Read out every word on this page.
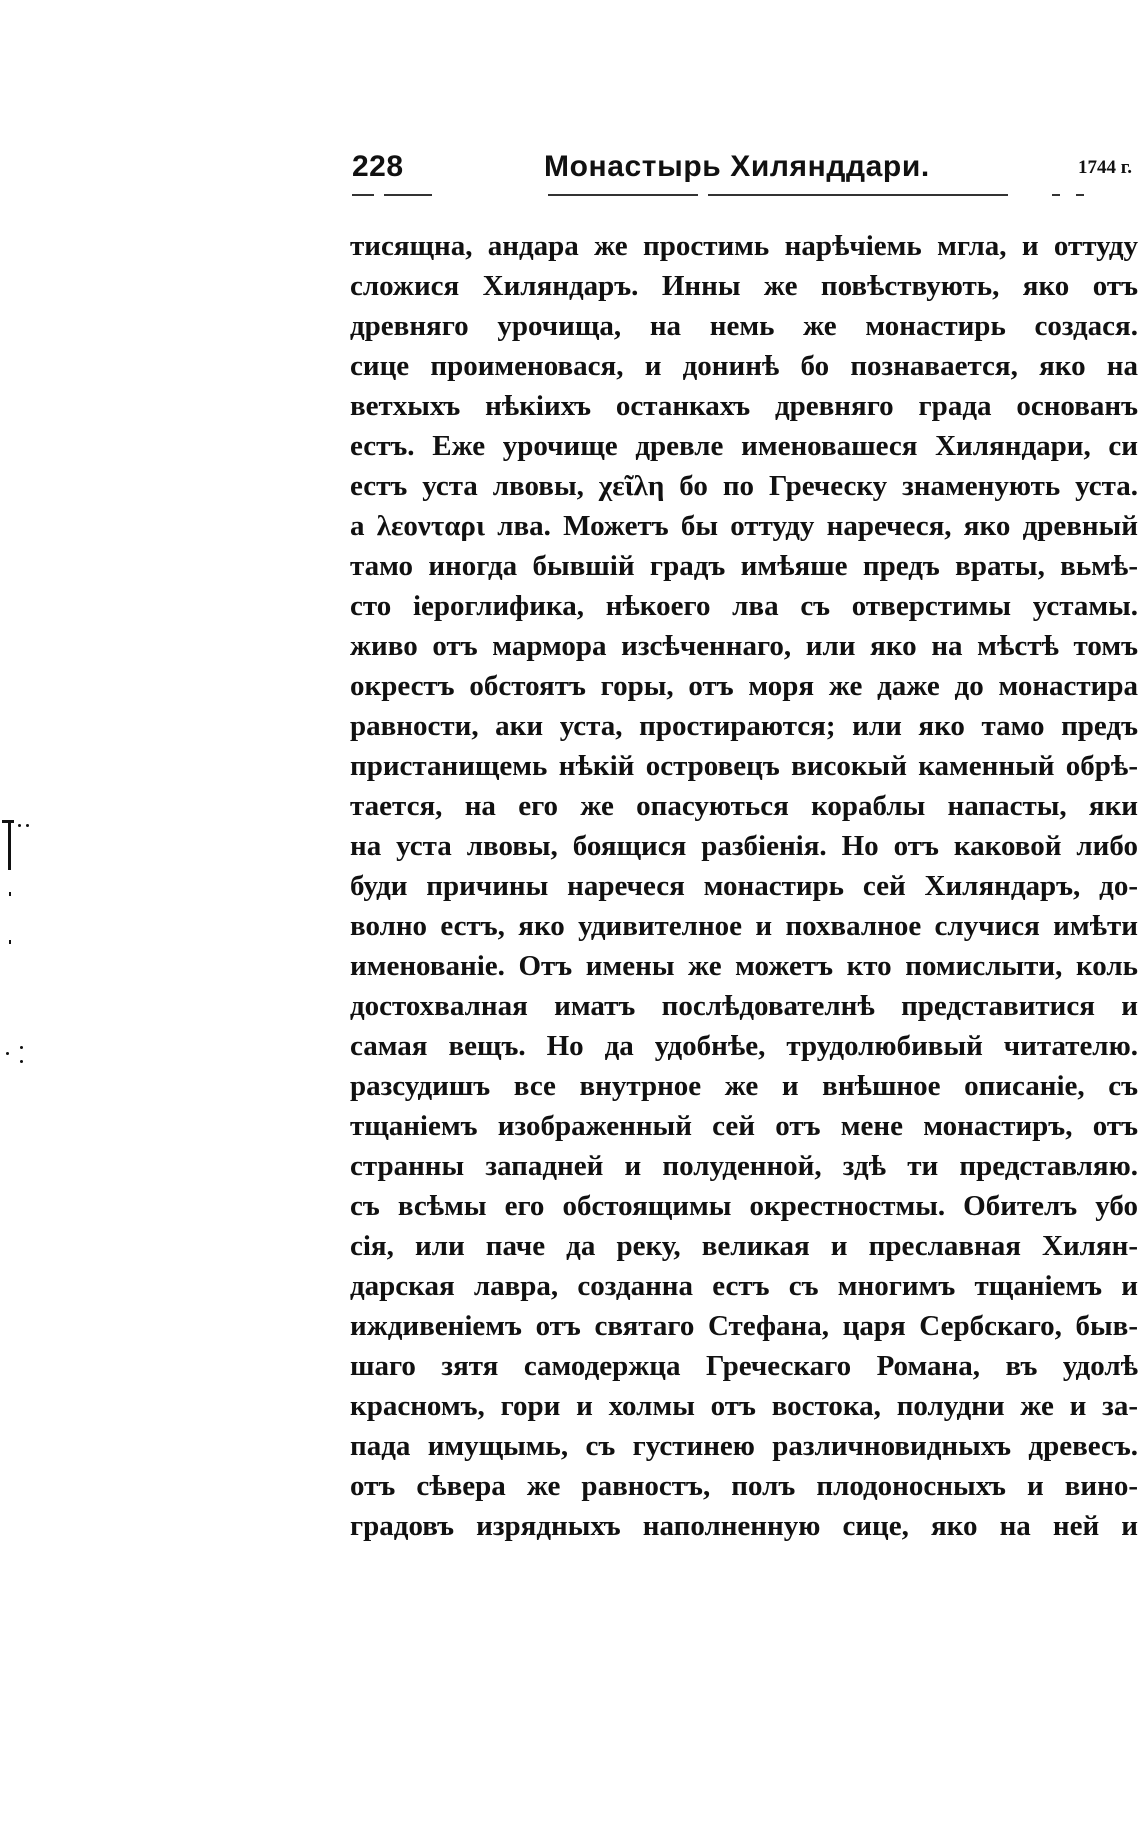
228	Монастырь Хилянддари.	1744 г.
тисящна, андара же простимь нарѣчіемь мгла, и оттуду
сложися Хиляндаръ. Инны же повѣствують, яко отъ
древняго урочища, на немь же монастирь создася.
сице проименовася, и донинѣ бо познавается, яко на
ветхыхъ нѣкіихъ останкахъ древняго града основанъ
естъ. Еже урочище древле именовашеся Хиляндари, си
естъ уста лвовы, χεῖλη бо по Греческу знаменують уста.
а λεονταρι лва. Можетъ бы оттуду наречеся, яко древный
тамо иногда бывшій градъ имѣяше предъ враты, вьмѣ-
сто іероглифика, нѣкоего лва съ отверстимы устамы.
живо отъ мармора изсѣченнаго, или яко на мѣстѣ томъ
окрестъ обстоятъ горы, отъ моря же даже до монастира
равности, аки уста, простираются; или яко тамо предъ
пристанищемь нѣкій островецъ високый каменный обрѣ-
тается, на его же опасуються кораблы напасты, яки
на уста лвовы, боящися разбіенія. Но отъ каковой либо
буди причины наречеся монастирь сей Хиляндаръ, до-
волно естъ, яко удивителное и похвалное случися имѣти
именованіе. Отъ имены же можетъ кто помислыти, коль
достохвалная иматъ послѣдователнѣ представитися и
самая вещъ. Но да удобнѣе, трудолюбивый читателю.
разсудишъ все внутрное же и внѣшное описаніе, съ
тщаніемъ изображенный сей отъ мене монастиръ, отъ
странны западней и полуденной, здѣ ти представляю.
съ всѣмы его обстоящимы окрестностмы. Обителъ убо
сія, или паче да реку, великая и преславная Хилян-
дарская лавра, созданна естъ съ многимъ тщаніемъ и
иждивеніемъ отъ святаго Стефана, царя Сербскаго, быв-
шаго зятя самодержца Греческаго Романа, въ удолѣ
красномъ, гори и холмы отъ востока, полудни же и за-
пада имущымь, съ густинею различновидныхъ древесъ.
отъ сѣвера же равностъ, полъ плодоносныхъ и вино-
градовъ изрядныхъ наполненную сице, яко на ней и
